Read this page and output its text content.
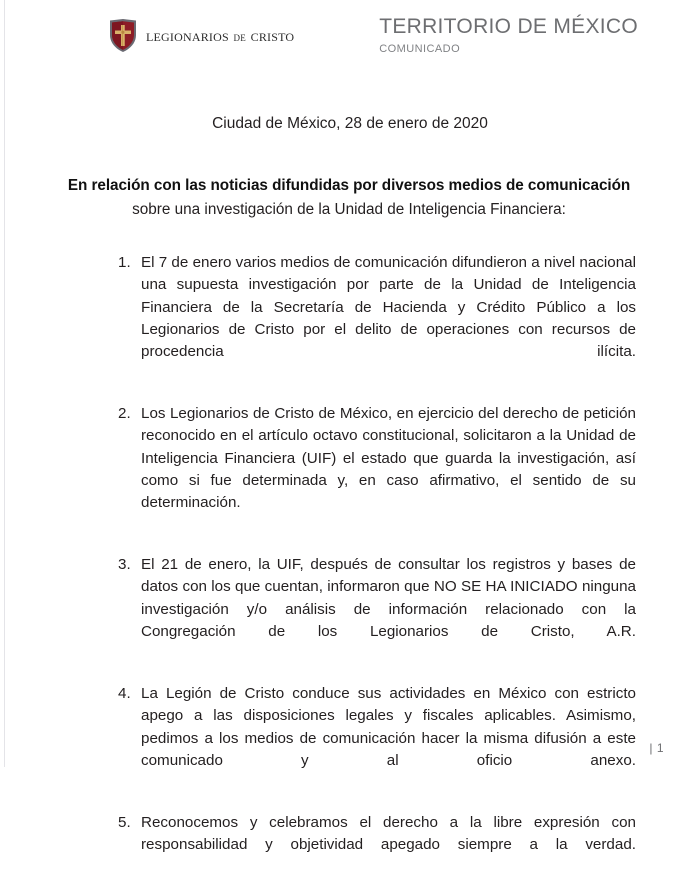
legionarios de cristo	TERRITORIO DE MÉXICO
COMUNICADO
Ciudad de México, 28 de enero de 2020
En relación con las noticias difundidas por diversos medios de comunicación
sobre una investigación de la Unidad de Inteligencia Financiera:
1. El 7 de enero varios medios de comunicación difundieron a nivel nacional una supuesta investigación por parte de la Unidad de Inteligencia Financiera de la Secretaría de Hacienda y Crédito Público a los Legionarios de Cristo por el delito de operaciones con recursos de procedencia ilícita.
2. Los Legionarios de Cristo de México, en ejercicio del derecho de petición reconocido en el artículo octavo constitucional, solicitaron a la Unidad de Inteligencia Financiera (UIF) el estado que guarda la investigación, así como si fue determinada y, en caso afirmativo, el sentido de su determinación.
3. El 21 de enero, la UIF, después de consultar los registros y bases de datos con los que cuentan, informaron que NO SE HA INICIADO ninguna investigación y/o análisis de información relacionado con la Congregación de los Legionarios de Cristo, A.R.
4. La Legión de Cristo conduce sus actividades en México con estricto apego a las disposiciones legales y fiscales aplicables. Asimismo, pedimos a los medios de comunicación hacer la misma difusión a este comunicado y al oficio anexo.
5. Reconocemos y celebramos el derecho a la libre expresión con responsabilidad y objetividad apegado siempre a la verdad.
| 1
